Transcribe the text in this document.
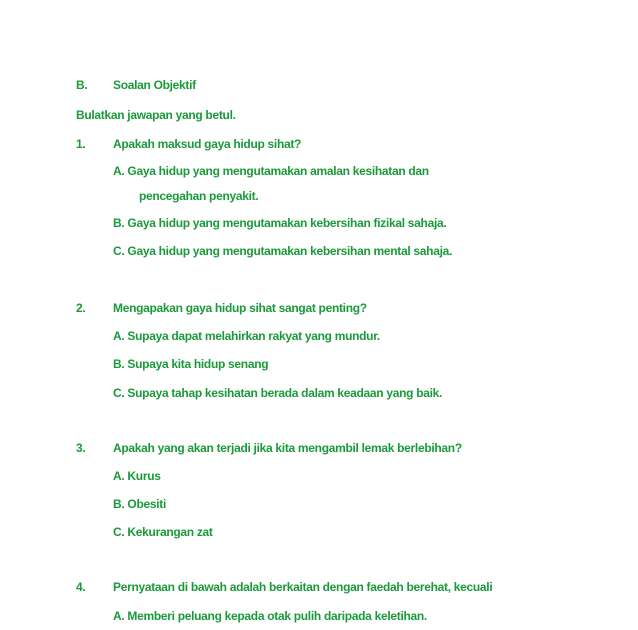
B. Soalan Objektif
Bulatkan jawapan yang betul.
1. Apakah maksud gaya hidup sihat?
A. Gaya hidup yang mengutamakan amalan kesihatan dan
pencegahan penyakit.
B. Gaya hidup yang mengutamakan kebersihan fizikal sahaja.
C. Gaya hidup yang mengutamakan kebersihan mental sahaja.
2. Mengapakan gaya hidup sihat sangat penting?
A. Supaya dapat melahirkan rakyat yang mundur.
B. Supaya kita hidup senang
C. Supaya tahap kesihatan berada dalam keadaan yang baik.
3. Apakah yang akan terjadi jika kita mengambil lemak berlebihan?
A. Kurus
B. Obesiti
C. Kekurangan zat
4. Pernyataan di bawah adalah berkaitan dengan faedah berehat, kecuali
A. Memberi peluang kepada otak pulih daripada keletihan.
